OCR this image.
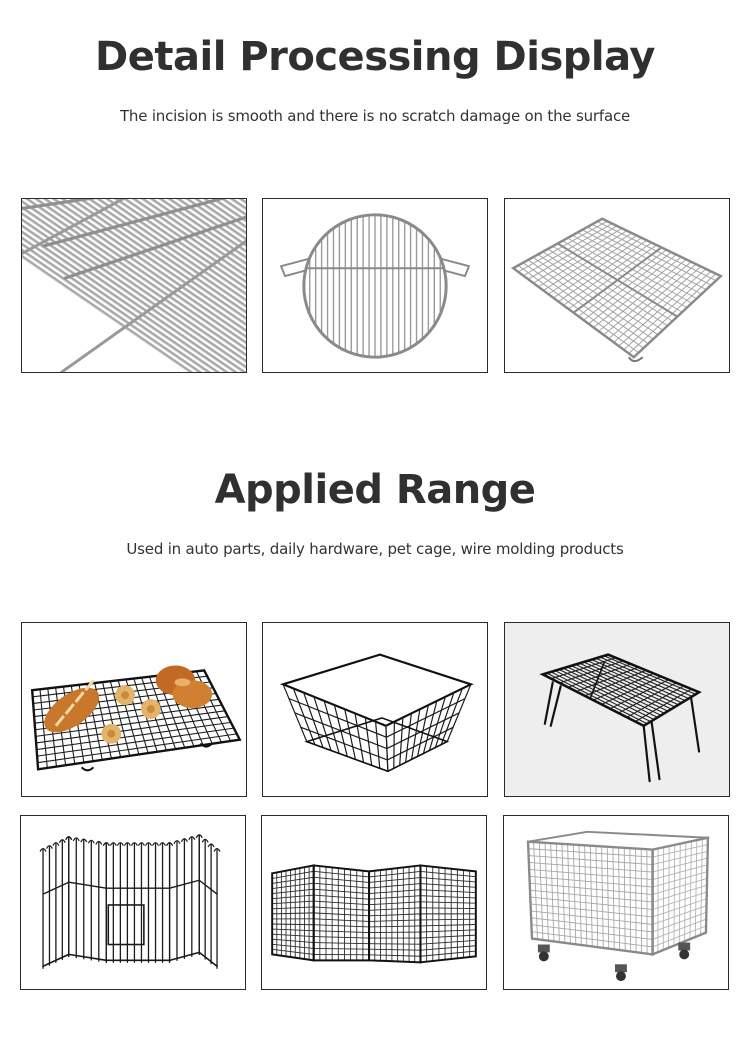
Detail Processing Display
The incision is smooth and there is no scratch damage on the surface
Applied Range
Used in auto parts, daily hardware, pet cage, wire molding products
